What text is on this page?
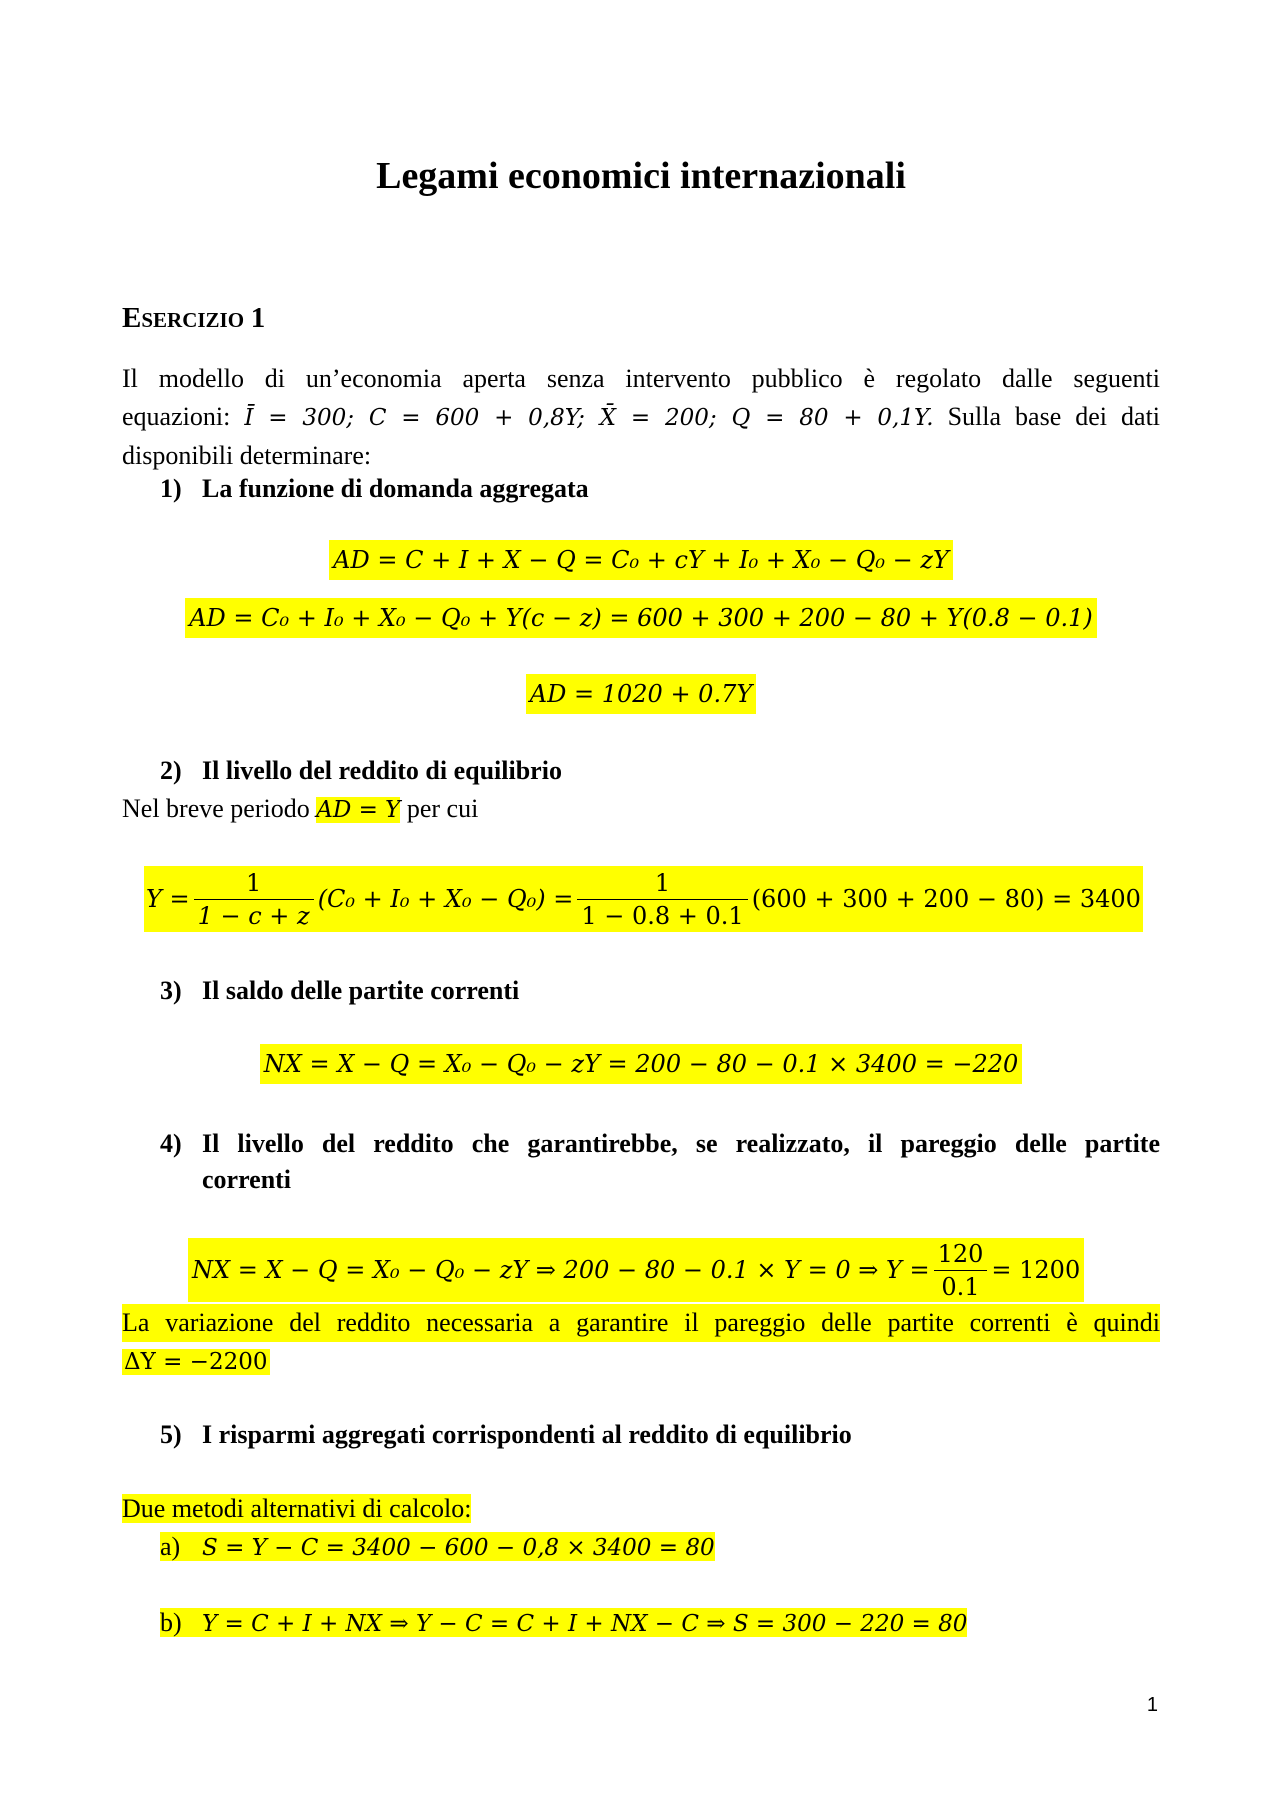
Legami economici internazionali
ESERCIZIO 1
Il modello di un’economia aperta senza intervento pubblico è regolato dalle seguenti
equazioni: Ī = 300; C = 600 + 0,8Y; X̄ = 200; Q = 80 + 0,1Y. Sulla base dei dati
disponibili determinare:
1) La funzione di domanda aggregata
AD = C + I + X − Q = C₀ + cY + I₀ + X₀ − Q₀ − zY
AD = C₀ + I₀ + X₀ − Q₀ + Y(c − z) = 600 + 300 + 200 − 80 + Y(0.8 − 0.1)
AD = 1020 + 0.7Y
2) Il livello del reddito di equilibrio
Nel breve periodo AD = Y per cui
$Y = \frac{1}{1 - c + z} (C_0 + I_0 + X_0 - Q_0) = \frac{1}{1 - 0.8 + 0.1} (600 + 300 + 200 - 80) = 3400$
3) Il saldo delle partite correnti
NX = X − Q = X₀ − Q₀ − zY = 200 − 80 − 0.1 × 3400 = −220
4) Il livello del reddito che garantirebbe, se realizzato, il pareggio delle partite
correnti
NX = X − Q = X₀ − Q₀ − zY ⇒ 200 − 80 − 0.1 × Y = 0 ⇒ $Y = \frac{120}{0.1} = 1200$
La variazione del reddito necessaria a garantire il pareggio delle partite correnti è quindi
ΔY = −2200
5) I risparmi aggregati corrispondenti al reddito di equilibrio
Due metodi alternativi di calcolo:
a) S = Y − C = 3400 − 600 − 0,8 × 3400 = 80
b) Y = C + I + NX ⇒ Y − C = C + I + NX − C ⇒ S = 300 − 220 = 80
1
